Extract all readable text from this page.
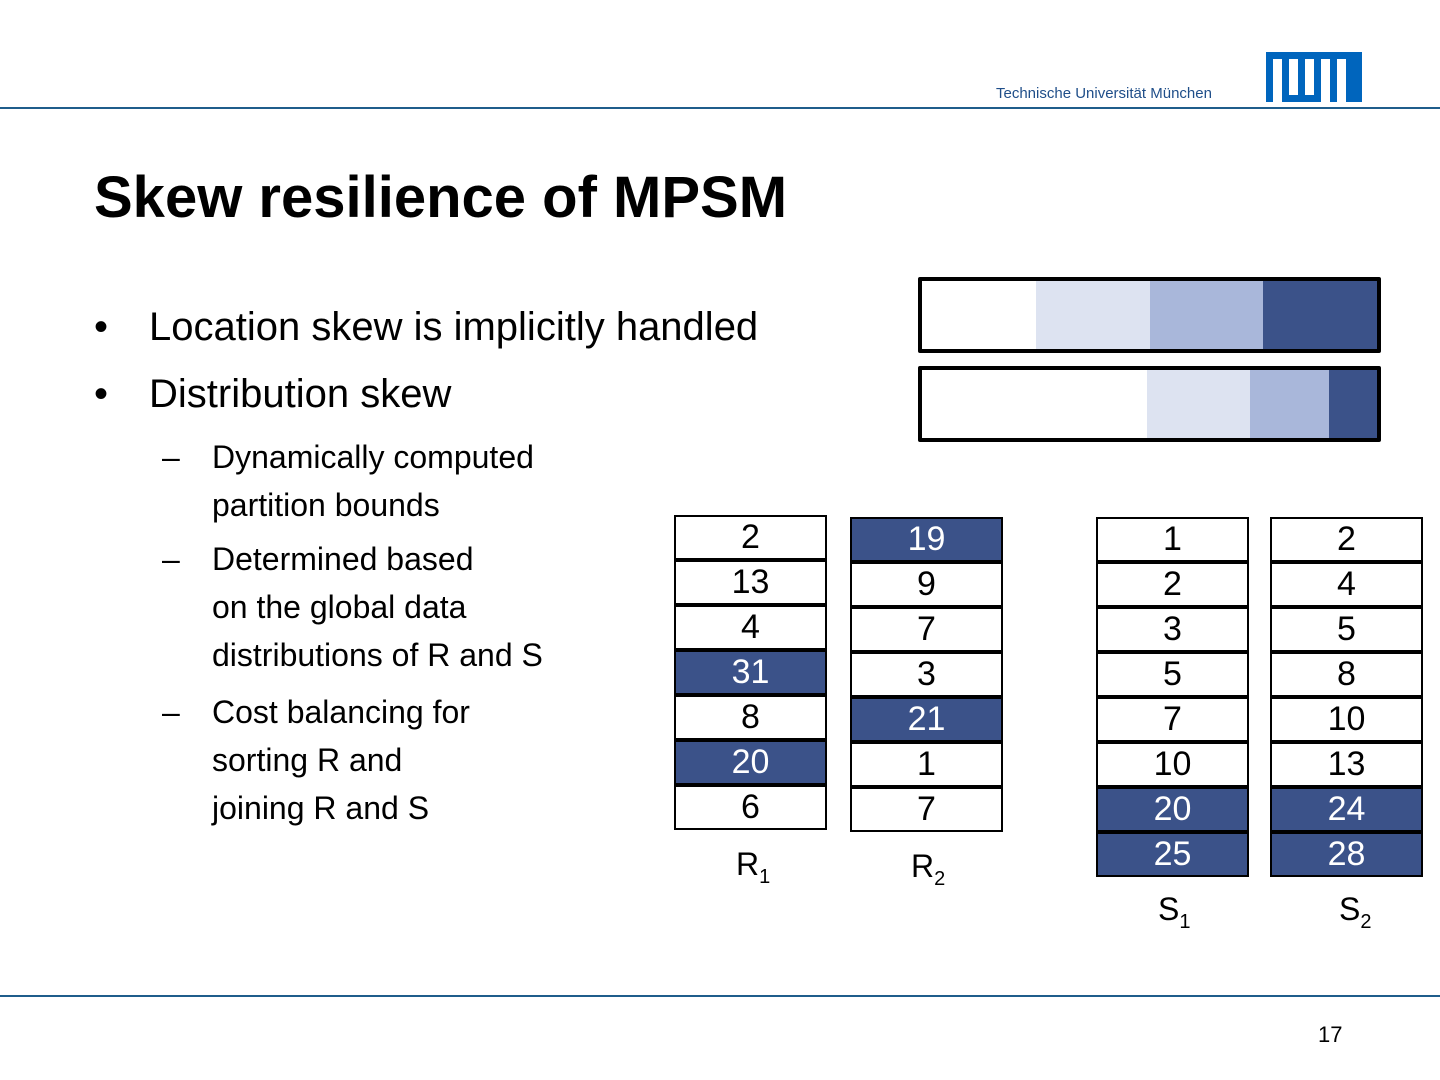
Technische Universität München
Skew resilience of MPSM
• Location skew is implicitly handled
• Distribution skew
– Dynamically computed
partition bounds
– Determined based
on the global data
distributions of R and S
– Cost balancing for
sorting R and
joining R and S
2
13
4
31
8
20
6
$R_1$
19
9
7
3
21
1
7
$R_2$
1
2
3
5
7
10
20
25
$S_1$
2
4
5
8
10
13
24
28
$S_2$
17
